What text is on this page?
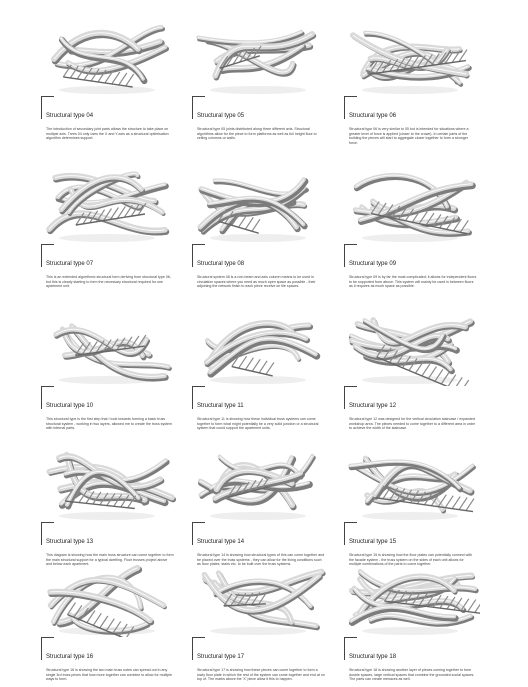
Structural type 04
The introduction of secondary joint parts allows the structure to take place on multiple axis. Trees 04 only uses the X and Y-axis as a structural optimisation algorithm determines support.
Structural type 05
Structural type 05 joints distributed along three different axis. Structural algorithms allow for the piece to form platforms as well as full height floor to ceiling columns or walls.
Structural type 06
Structural type 06 is very similar to 05 but is intended for situations where a greater level of force is applied (closer to the crown). In certain parts of the building the pieces will start to aggregate closer together to form a stronger force.
Structural type 07
This is an extended algorithmic structural form deriving from structural type 06, but this is clearly starting to form the necessary structural required for one apartment unit.
Structural type 08
Structural system 08 is a non-beam and axis column means to be used in circulation spaces where you need as much open space as possible - their adjoining the network finish to each piece receive on tile spaces.
Structural type 09
Structural type 09 is by far the most complicated; it allows for independent floors to be supported from above. This system will mainly be used in between floors as it requires as much space as possible.
Structural type 10
This structural type is the first step that I took towards forming a basic truss structural system - working in two layers, allowed me to create the truss system with internal parts.
Structural type 11
Structural type 11 is showing how these individual truss systems can come together to form what might potentially be a very solid junction or a structural system that could support the apartment units.
Structural type 12
Structural type 12 was designed for the vertical circulation staircase / expanded workshop area. The pieces needed to come together to a different area in order to achieve the width of the staircase.
Structural type 13
This diagram is showing how the main truss structure can come together to form the main structural support for a typical dwelling. Floor trusses project above and below each apartment.
Structural type 14
Structural type 14 is showing how structural types of this can come together and be placed over the truss systems - they can allow for the living conditions such as floor plates, stairs etc. to be built over the truss systems.
Structural type 15
Structural type 15 is showing how the floor plates can potentially connect with the facade system - the truss system on the sides of each unit allows for multiple combinations of the parts to come together.
Structural type 16
Structural type 16 is showing the two main truss notes can spread out in any single 3rd truss prices that how more together can combine to allow for multiple ways to form.
Structural type 17
Structural type 17 is showing how these pieces can come together to form a lowly floor plate in which the rest of the system can come together and end at on top of. The marks above the 'X' piece allow it this to happen.
Structural type 18
Structural type 18 is showing another layer of pieces coming together to form double spaces, large vertical spaces that combine the grounded social spaces. The parts can create menaces as well.
